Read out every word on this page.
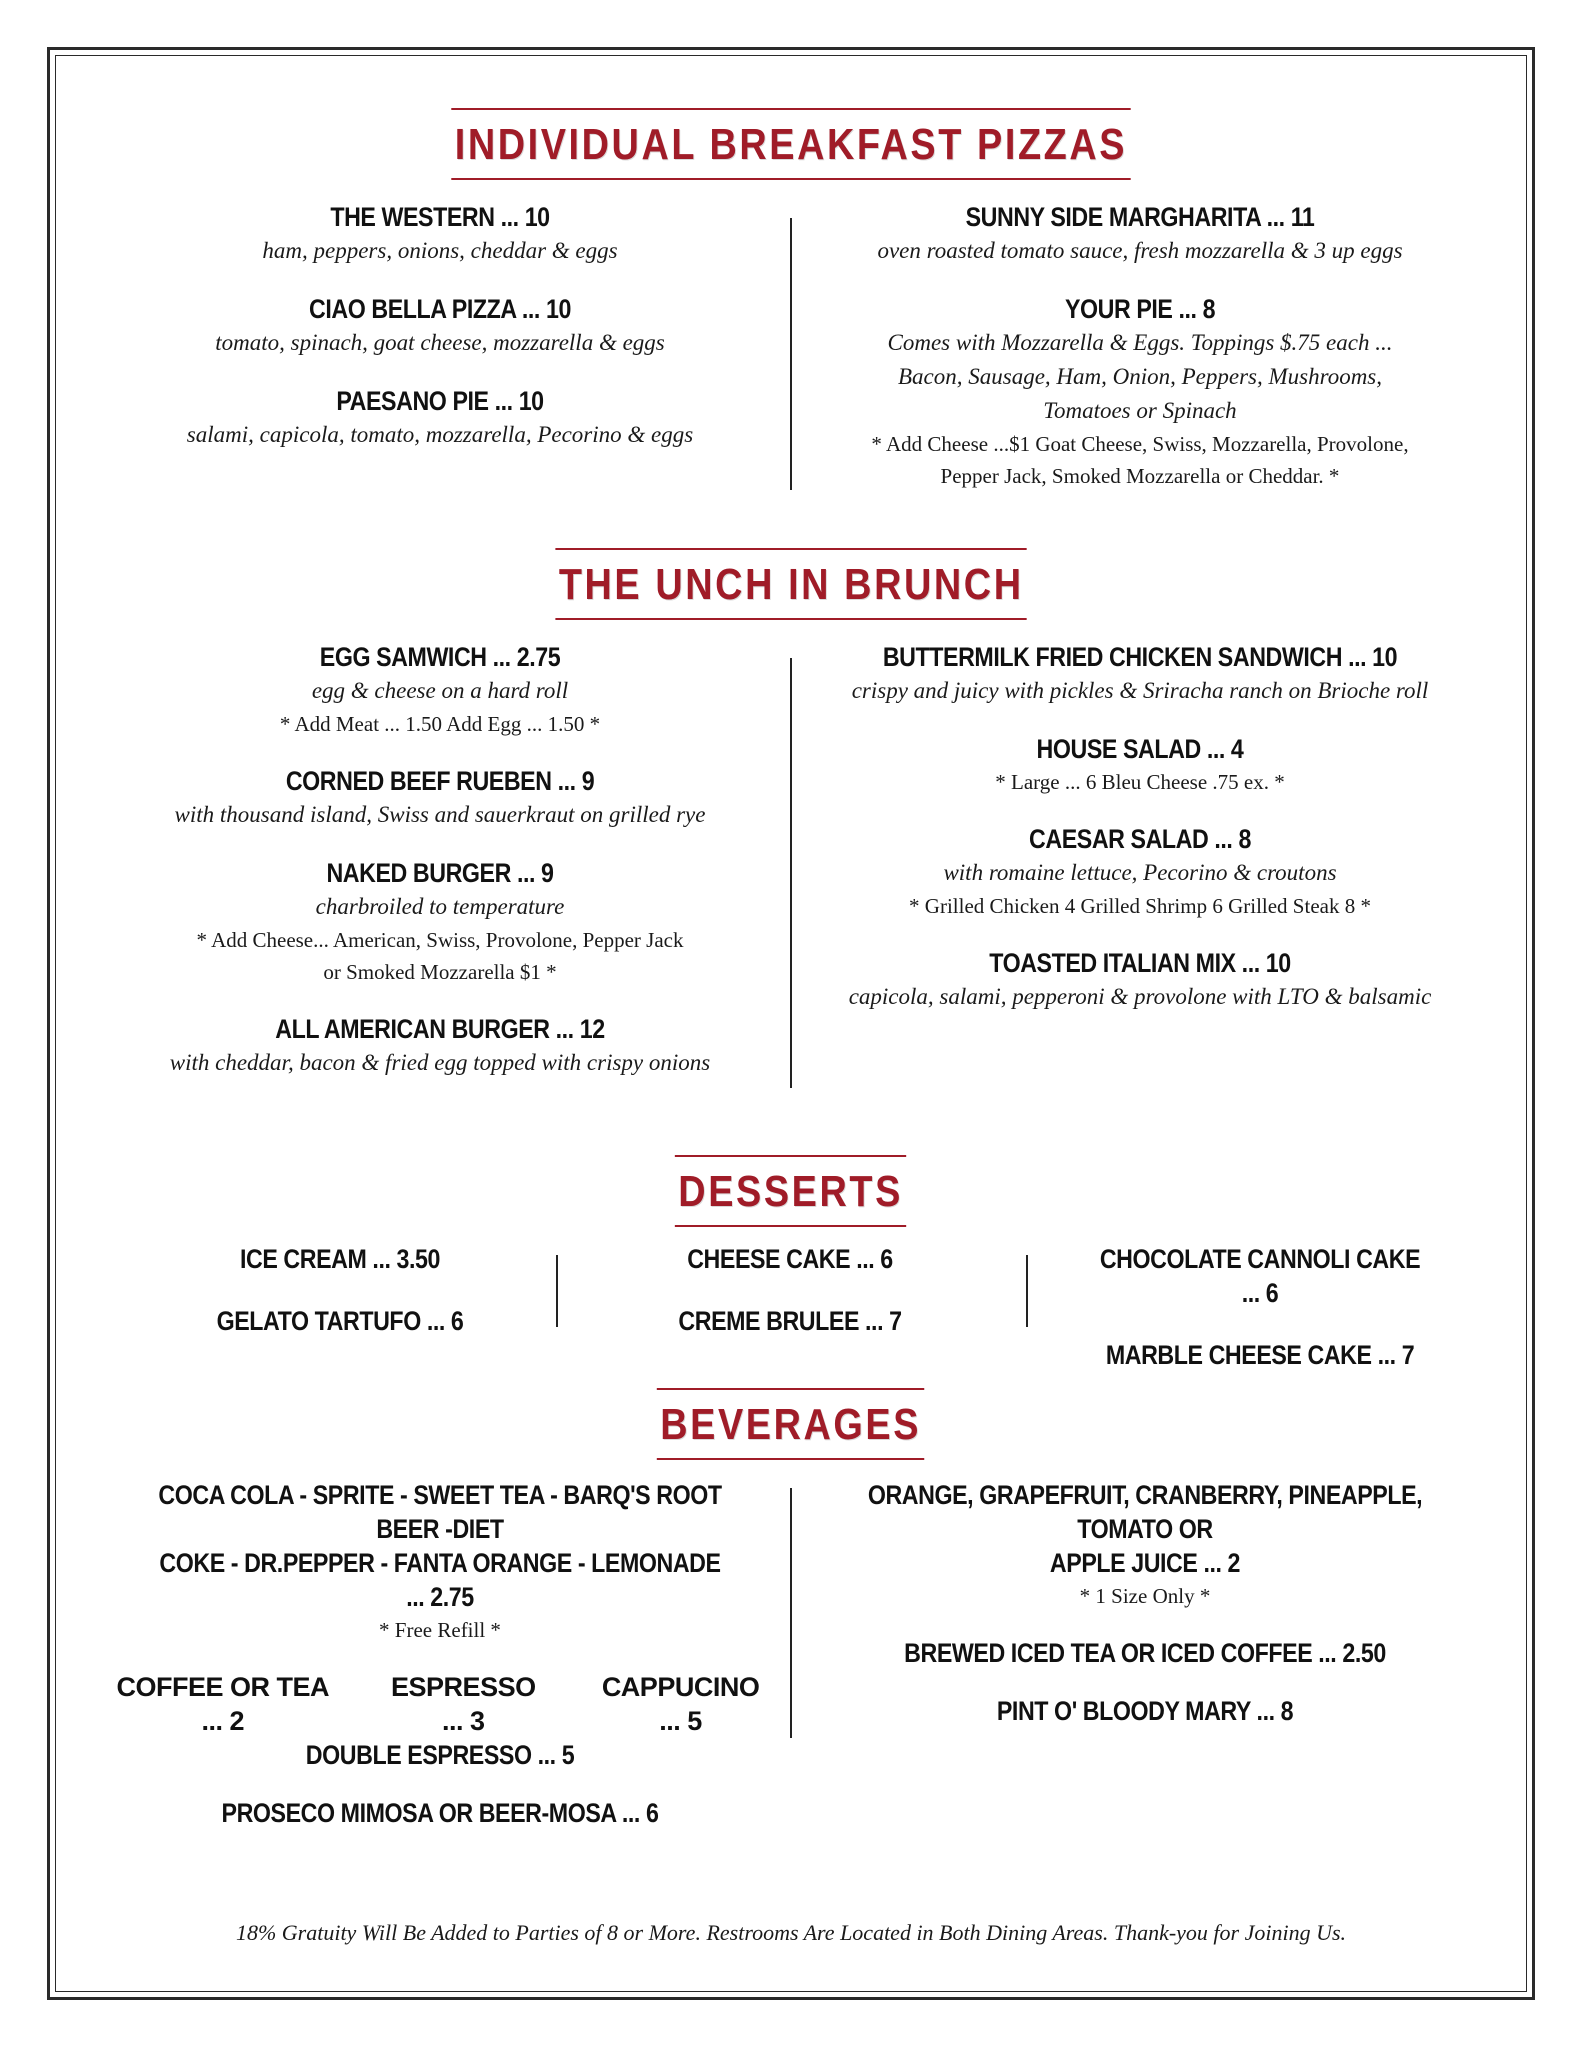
INDIVIDUAL BREAKFAST PIZZAS
THE WESTERN ... 10
ham, peppers, onions, cheddar & eggs
CIAO BELLA PIZZA ... 10
tomato, spinach, goat cheese, mozzarella & eggs
PAESANO PIE ... 10
salami, capicola, tomato, mozzarella, Pecorino & eggs
SUNNY SIDE MARGHARITA ... 11
oven roasted tomato sauce, fresh mozzarella & 3 up eggs
YOUR PIE ... 8
Comes with Mozzarella & Eggs. Toppings $.75 each ... Bacon, Sausage, Ham, Onion, Peppers, Mushrooms, Tomatoes or Spinach
* Add Cheese ...$1 Goat Cheese, Swiss, Mozzarella, Provolone, Pepper Jack, Smoked Mozzarella or Cheddar. *
THE UNCH IN BRUNCH
EGG SAMWICH ... 2.75
egg & cheese on a hard roll
* Add Meat ... 1.50 Add Egg ... 1.50 *
CORNED BEEF RUEBEN ... 9
with thousand island, Swiss and sauerkraut on grilled rye
NAKED BURGER ... 9
charbroiled to temperature
* Add Cheese... American, Swiss, Provolone, Pepper Jack or Smoked Mozzarella $1 *
ALL AMERICAN BURGER ... 12
with cheddar, bacon & fried egg topped with crispy onions
BUTTERMILK FRIED CHICKEN SANDWICH ... 10
crispy and juicy with pickles & Sriracha ranch on Brioche roll
HOUSE SALAD ... 4
* Large ... 6 Bleu Cheese .75 ex. *
CAESAR SALAD ... 8
with romaine lettuce, Pecorino & croutons
* Grilled Chicken 4 Grilled Shrimp 6 Grilled Steak 8 *
TOASTED ITALIAN MIX ... 10
capicola, salami, pepperoni & provolone with LTO & balsamic
DESSERTS
ICE CREAM ... 3.50
GELATO TARTUFO ... 6
CHEESE CAKE ... 6
CREME BRULEE ... 7
CHOCOLATE CANNOLI CAKE ... 6
MARBLE CHEESE CAKE ... 7
BEVERAGES
COCA COLA - SPRITE - SWEET TEA - BARQ'S ROOT BEER -DIET
COKE - DR.PEPPER - FANTA ORANGE - LEMONADE ... 2.75
* Free Refill *
COFFEE OR TEA ... 2
ESPRESSO ... 3
CAPPUCINO ... 5
DOUBLE ESPRESSO ... 5
PROSECO MIMOSA OR BEER-MOSA ... 6
ORANGE, GRAPEFRUIT, CRANBERRY, PINEAPPLE, TOMATO OR
APPLE JUICE ... 2
* 1 Size Only *
BREWED ICED TEA OR ICED COFFEE ... 2.50
PINT O' BLOODY MARY ... 8
18% Gratuity Will Be Added to Parties of 8 or More. Restrooms Are Located in Both Dining Areas. Thank-you for Joining Us.
